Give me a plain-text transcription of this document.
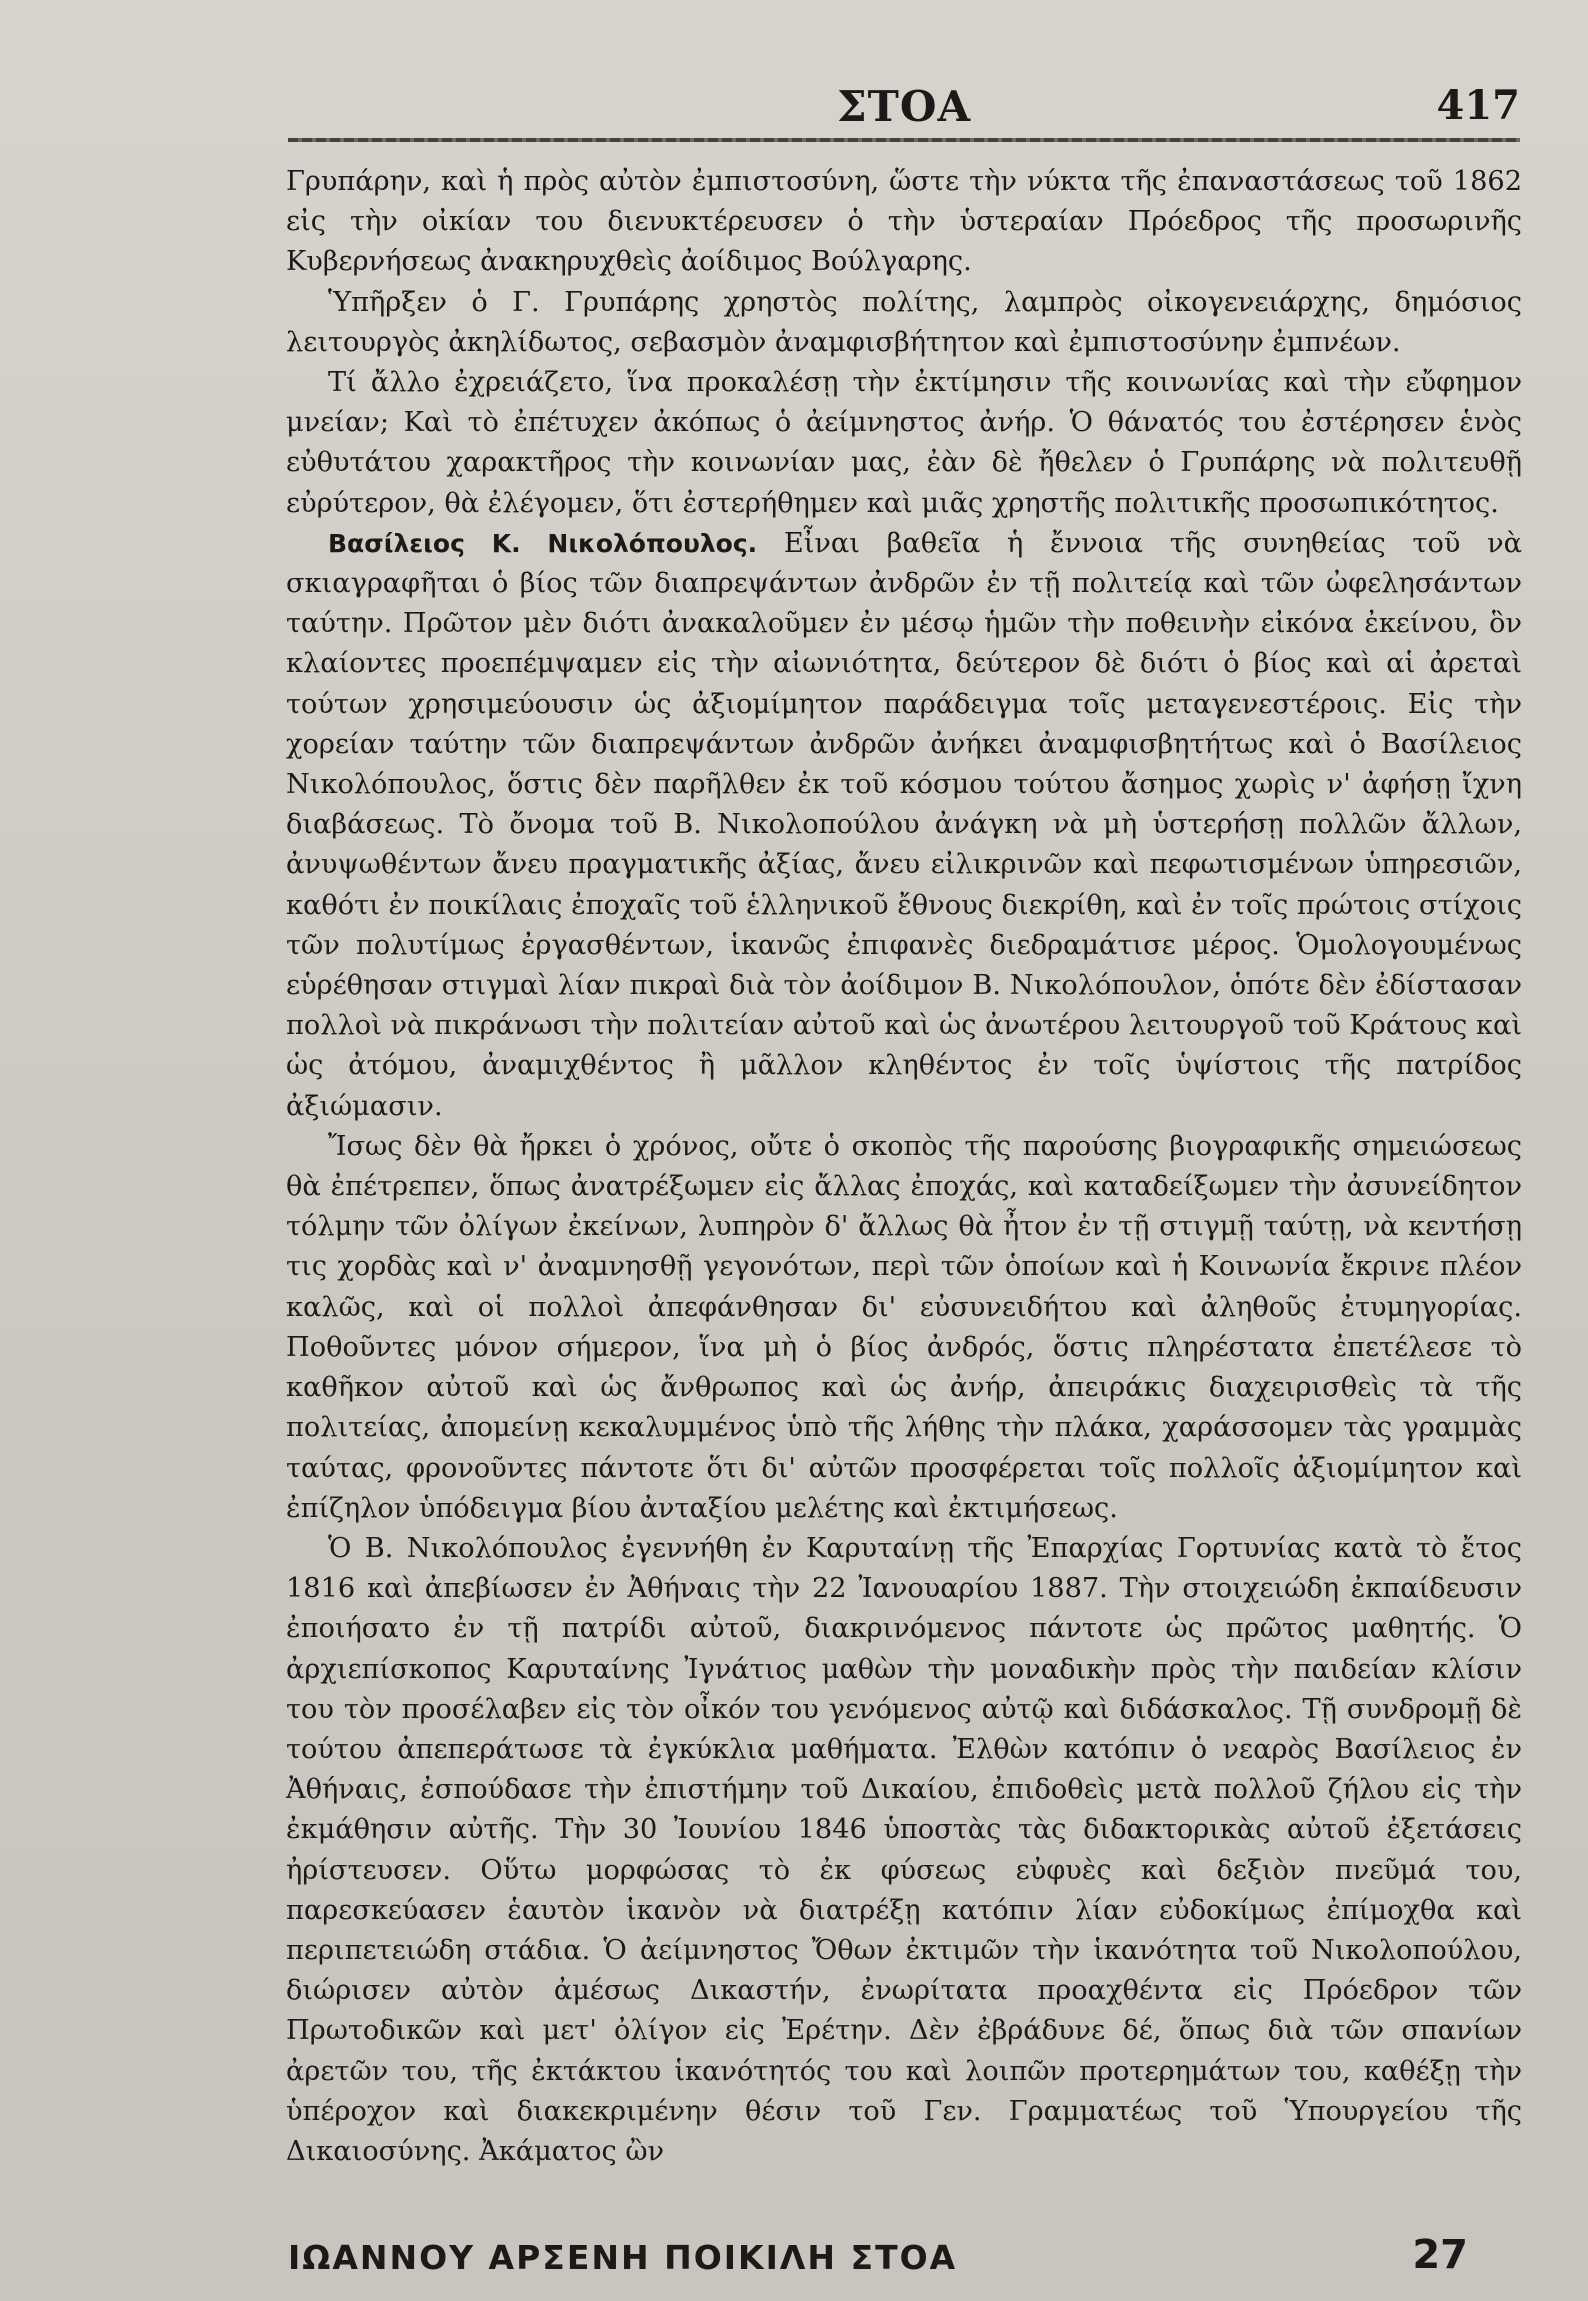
ΣΤΟΑ	417

Γρυπάρην, καὶ ἡ πρὸς αὐτὸν ἐμπιστοσύνη, ὥστε τὴν νύκτα τῆς ἐπαναστάσεως τοῦ 1862 εἰς τὴν οἰκίαν του διενυκτέρευσεν ὁ τὴν ὑστεραίαν Πρόεδρος τῆς προσωρινῆς Κυβερνήσεως ἀνακηρυχθεὶς ἀοίδιμος Βούλγαρης.

Ὑπῆρξεν ὁ Γ. Γρυπάρης χρηστὸς πολίτης, λαμπρὸς οἰκογενειάρχης, δημόσιος λειτουργὸς ἀκηλίδωτος, σεβασμὸν ἀναμφισβήτητον καὶ ἐμπιστοσύνην ἐμπνέων.

Τί ἄλλο ἐχρειάζετο, ἵνα προκαλέσῃ τὴν ἐκτίμησιν τῆς κοινωνίας καὶ τὴν εὔφημον μνείαν; Καὶ τὸ ἐπέτυχεν ἀκόπως ὁ ἀείμνηστος ἀνήρ. Ὁ θάνατός του ἐστέρησεν ἑνὸς εὐθυτάτου χαρακτῆρος τὴν κοινωνίαν μας, ἐὰν δὲ ἤθελεν ὁ Γρυπάρης νὰ πολιτευθῇ εὐρύτερον, θὰ ἐλέγομεν, ὅτι ἐστερήθημεν καὶ μιᾶς χρηστῆς πολιτικῆς προσωπικότητος.

Βασίλειος Κ. Νικολόπουλος. Εἶναι βαθεῖα ἡ ἔννοια τῆς συνηθείας τοῦ νὰ σκιαγραφῆται ὁ βίος τῶν διαπρεψάντων ἀνδρῶν ἐν τῇ πολιτείᾳ καὶ τῶν ὠφελησάντων ταύτην. Πρῶτον μὲν διότι ἀνακαλοῦμεν ἐν μέσῳ ἡμῶν τὴν ποθεινὴν εἰκόνα ἐκείνου, ὃν κλαίοντες προεπέμψαμεν εἰς τὴν αἰωνιότητα, δεύτερον δὲ διότι ὁ βίος καὶ αἱ ἀρεταὶ τούτων χρησιμεύουσιν ὡς ἀξιομίμητον παράδειγμα τοῖς μεταγενεστέροις. Εἰς τὴν χορείαν ταύτην τῶν διαπρεψάντων ἀνδρῶν ἀνήκει ἀναμφισβητήτως καὶ ὁ Βασίλειος Νικολόπουλος, ὅστις δὲν παρῆλθεν ἐκ τοῦ κόσμου τούτου ἄσημος χωρὶς ν' ἀφήσῃ ἴχνη διαβάσεως. Τὸ ὄνομα τοῦ Β. Νικολοπούλου ἀνάγκη νὰ μὴ ὑστερήσῃ πολλῶν ἄλλων, ἀνυψωθέντων ἄνευ πραγματικῆς ἀξίας, ἄνευ εἰλικρινῶν καὶ πεφωτισμένων ὑπηρεσιῶν, καθότι ἐν ποικίλαις ἐποχαῖς τοῦ ἑλληνικοῦ ἔθνους διεκρίθη, καὶ ἐν τοῖς πρώτοις στίχοις τῶν πολυτίμως ἐργασθέντων, ἱκανῶς ἐπιφανὲς διεδραμάτισε μέρος. Ὁμολογουμένως εὑρέθησαν στιγμαὶ λίαν πικραὶ διὰ τὸν ἀοίδιμον Β. Νικολόπουλον, ὁπότε δὲν ἐδίστασαν πολλοὶ νὰ πικράνωσι τὴν πολιτείαν αὐτοῦ καὶ ὡς ἀνωτέρου λειτουργοῦ τοῦ Κράτους καὶ ὡς ἀτόμου, ἀναμιχθέντος ἢ μᾶλλον κληθέντος ἐν τοῖς ὑψίστοις τῆς πατρίδος ἀξιώμασιν.

Ἴσως δὲν θὰ ἤρκει ὁ χρόνος, οὔτε ὁ σκοπὸς τῆς παρούσης βιογραφικῆς σημειώσεως θὰ ἐπέτρεπεν, ὅπως ἀνατρέξωμεν εἰς ἄλλας ἐποχάς, καὶ καταδείξωμεν τὴν ἀσυνείδητον τόλμην τῶν ὀλίγων ἐκείνων, λυπηρὸν δ' ἄλλως θὰ ἦτον ἐν τῇ στιγμῇ ταύτῃ, νὰ κεντήσῃ τις χορδὰς καὶ ν' ἀναμνησθῇ γεγονότων, περὶ τῶν ὁποίων καὶ ἡ Κοινωνία ἔκρινε πλέον καλῶς, καὶ οἱ πολλοὶ ἀπεφάνθησαν δι' εὐσυνειδήτου καὶ ἀληθοῦς ἐτυμηγορίας. Ποθοῦντες μόνον σήμερον, ἵνα μὴ ὁ βίος ἀνδρός, ὅστις πληρέστατα ἐπετέλεσε τὸ καθῆκον αὐτοῦ καὶ ὡς ἄνθρωπος καὶ ὡς ἀνήρ, ἀπειράκις διαχειρισθεὶς τὰ τῆς πολιτείας, ἀπομείνῃ κεκαλυμμένος ὑπὸ τῆς λήθης τὴν πλάκα, χαράσσομεν τὰς γραμμὰς ταύτας, φρονοῦντες πάντοτε ὅτι δι' αὐτῶν προσφέρεται τοῖς πολλοῖς ἀξιομίμητον καὶ ἐπίζηλον ὑπόδειγμα βίου ἀνταξίου μελέτης καὶ ἐκτιμήσεως.

Ὁ Β. Νικολόπουλος ἐγεννήθη ἐν Καρυταίνῃ τῆς Ἐπαρχίας Γορτυνίας κατὰ τὸ ἔτος 1816 καὶ ἀπεβίωσεν ἐν Ἀθήναις τὴν 22 Ἰανουαρίου 1887. Τὴν στοιχειώδη ἐκπαίδευσιν ἐποιήσατο ἐν τῇ πατρίδι αὐτοῦ, διακρινόμενος πάντοτε ὡς πρῶτος μαθητής. Ὁ ἀρχιεπίσκοπος Καρυταίνης Ἰγνάτιος μαθὼν τὴν μοναδικὴν πρὸς τὴν παιδείαν κλίσιν του τὸν προσέλαβεν εἰς τὸν οἶκόν του γενόμενος αὐτῷ καὶ διδάσκαλος. Τῇ συνδρομῇ δὲ τούτου ἀπεπεράτωσε τὰ ἐγκύκλια μαθήματα. Ἐλθὼν κατόπιν ὁ νεαρὸς Βασίλειος ἐν Ἀθήναις, ἐσπούδασε τὴν ἐπιστήμην τοῦ Δικαίου, ἐπιδοθεὶς μετὰ πολλοῦ ζήλου εἰς τὴν ἐκμάθησιν αὐτῆς. Τὴν 30 Ἰουνίου 1846 ὑποστὰς τὰς διδακτορικὰς αὐτοῦ ἐξετάσεις ἠρίστευσεν. Οὕτω μορφώσας τὸ ἐκ φύσεως εὐφυὲς καὶ δεξιὸν πνεῦμά του, παρεσκεύασεν ἑαυτὸν ἱκανὸν νὰ διατρέξῃ κατόπιν λίαν εὐδοκίμως ἐπίμοχθα καὶ περιπετειώδη στάδια. Ὁ ἀείμνηστος Ὄθων ἐκτιμῶν τὴν ἱκανότητα τοῦ Νικολοπούλου, διώρισεν αὐτὸν ἀμέσως Δικαστήν, ἐνωρίτατα προαχθέντα εἰς Πρόεδρον τῶν Πρωτοδικῶν καὶ μετ' ὀλίγον εἰς Ἐρέτην. Δὲν ἐβράδυνε δέ, ὅπως διὰ τῶν σπανίων ἀρετῶν του, τῆς ἐκτάκτου ἱκανότητός του καὶ λοιπῶν προτερημάτων του, καθέξῃ τὴν ὑπέροχον καὶ διακεκριμένην θέσιν τοῦ Γεν. Γραμματέως τοῦ Ὑπουργείου τῆς Δικαιοσύνης. Ἀκάματος ὢν

ΙΩΑΝΝΟΥ ΑΡΣΕΝΗ ΠΟΙΚΙΛΗ ΣΤΟΑ	27
